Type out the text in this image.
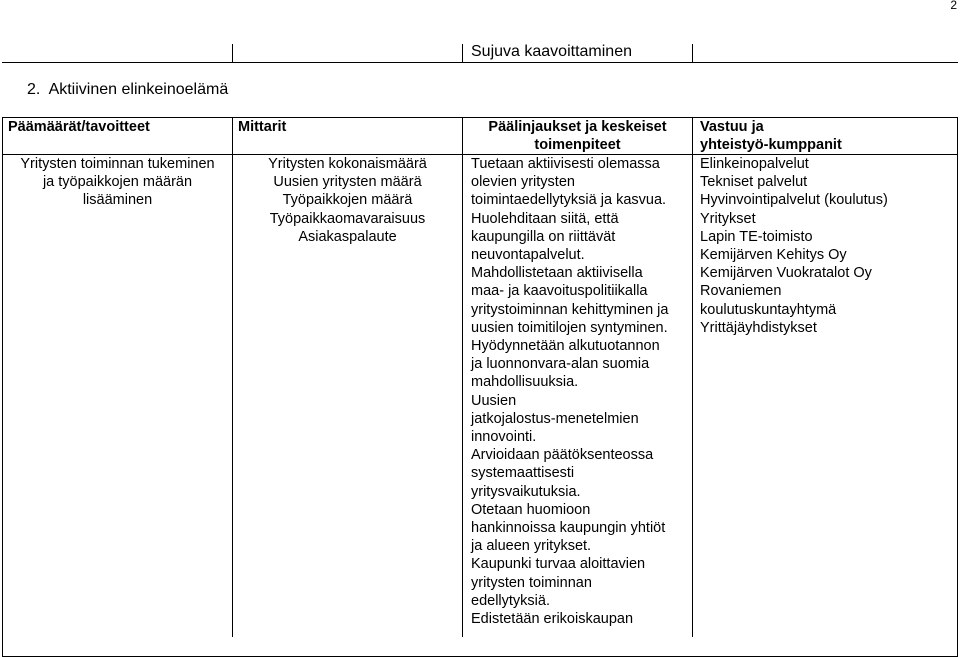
2
Sujuva kaavoittaminen
2. Aktiivinen elinkeinoelämä
Päämäärät/tavoitteet	Mittarit	Päälinjaukset ja keskeiset
toimenpiteet
Vastuu ja
yhteistyö-kumppanit
Yritysten toiminnan tukeminen
ja työpaikkojen määrän
lisääminen
Yritysten kokonaismäärä
Uusien yritysten määrä
Työpaikkojen määrä
Työpaikkaomavaraisuus
Asiakaspalaute
Tuetaan aktiivisesti olemassa
olevien yritysten
toimintaedellytyksiä ja kasvua.
Huolehditaan siitä, että
kaupungilla on riittävät
neuvontapalvelut.
Mahdollistetaan aktiivisella
maa- ja kaavoituspolitiikalla
yritystoiminnan kehittyminen ja
uusien toimitilojen syntyminen.
Hyödynnetään alkutuotannon
ja luonnonvara-alan suomia
mahdollisuuksia.
Uusien
jatkojalostus-menetelmien
innovointi.
Arvioidaan päätöksenteossa
systemaattisesti
yritysvaikutuksia.
Otetaan huomioon
hankinnoissa kaupungin yhtiöt
ja alueen yritykset.
Kaupunki turvaa aloittavien
yritysten toiminnan
edellytyksiä.
Edistetään erikoiskaupan
Elinkeinopalvelut
Tekniset palvelut
Hyvinvointipalvelut (koulutus)
Yritykset
Lapin TE-toimisto
Kemijärven Kehitys Oy
Kemijärven Vuokratalot Oy
Rovaniemen
koulutuskuntayhtymä
Yrittäjäyhdistykset
